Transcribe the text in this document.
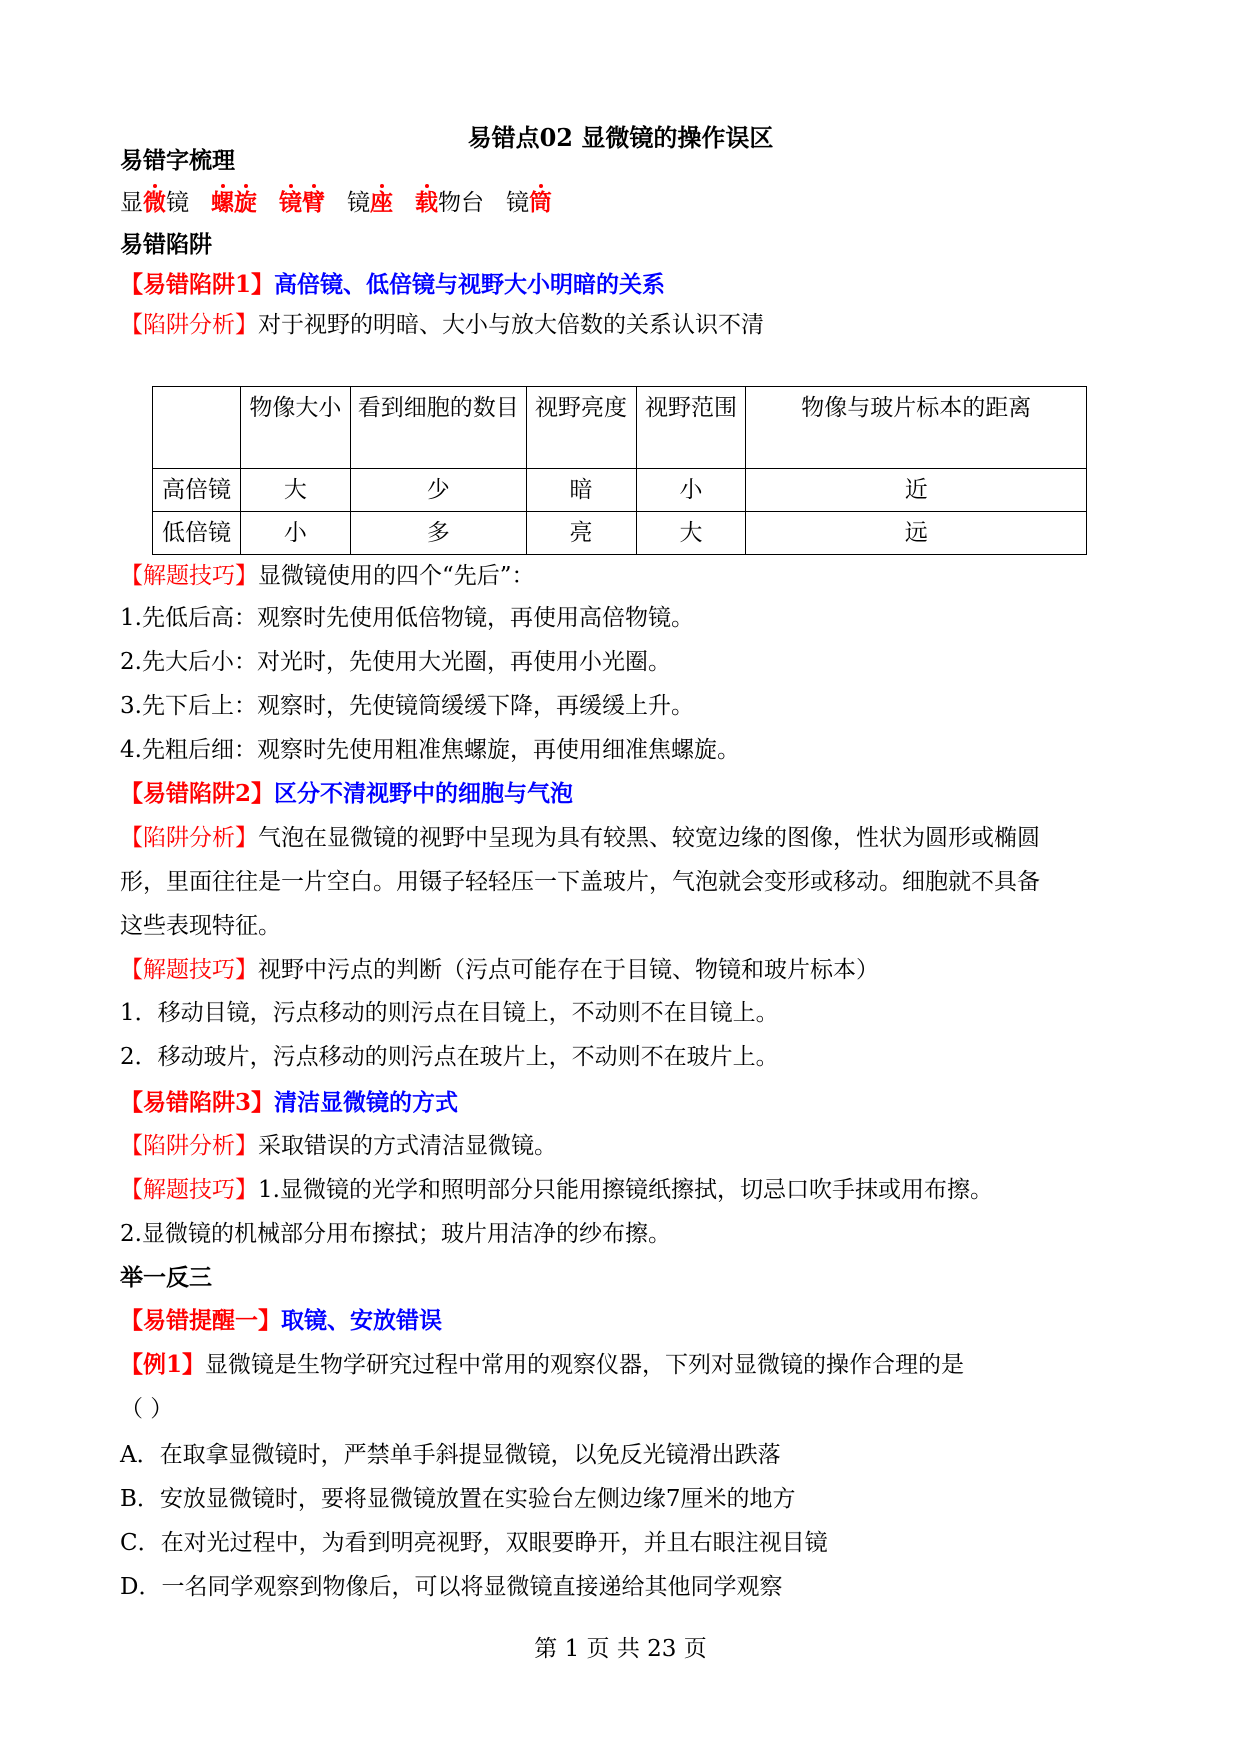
易错点02 显微镜的操作误区
易错字梳理
显微镜 螺旋 镜臂 镜座 载物台 镜筒
易错陷阱
【易错陷阱1】高倍镜、低倍镜与视野大小明暗的关系
【陷阱分析】对于视野的明暗、大小与放大倍数的关系认识不清
	物像大小	看到细胞的数目	视野亮度	视野范围	物像与玻片标本的距离
高倍镜	大	少	暗	小	近
低倍镜	小	多	亮	大	远
【解题技巧】显微镜使用的四个“先后”：
1.先低后高：观察时先使用低倍物镜，再使用高倍物镜。
2.先大后小：对光时，先使用大光圈，再使用小光圈。
3.先下后上：观察时，先使镜筒缓缓下降，再缓缓上升。
4.先粗后细：观察时先使用粗准焦螺旋，再使用细准焦螺旋。
【易错陷阱2】区分不清视野中的细胞与气泡
【陷阱分析】气泡在显微镜的视野中呈现为具有较黑、较宽边缘的图像，性状为圆形或椭圆
形，里面往往是一片空白。用镊子轻轻压一下盖玻片，气泡就会变形或移动。细胞就不具备
这些表现特征。
【解题技巧】视野中污点的判断（污点可能存在于目镜、物镜和玻片标本）
1．移动目镜，污点移动的则污点在目镜上，不动则不在目镜上。
2．移动玻片，污点移动的则污点在玻片上，不动则不在玻片上。
【易错陷阱3】清洁显微镜的方式
【陷阱分析】采取错误的方式清洁显微镜。
【解题技巧】1.显微镜的光学和照明部分只能用擦镜纸擦拭，切忌口吹手抹或用布擦。
2.显微镜的机械部分用布擦拭；玻片用洁净的纱布擦。
举一反三
【易错提醒一】取镜、安放错误
【例1】显微镜是生物学研究过程中常用的观察仪器，下列对显微镜的操作合理的是
（ ）
A．在取拿显微镜时，严禁单手斜提显微镜，以免反光镜滑出跌落
B．安放显微镜时，要将显微镜放置在实验台左侧边缘7厘米的地方
C．在对光过程中，为看到明亮视野，双眼要睁开，并且右眼注视目镜
D．一名同学观察到物像后，可以将显微镜直接递给其他同学观察
第 1 页 共 23 页
